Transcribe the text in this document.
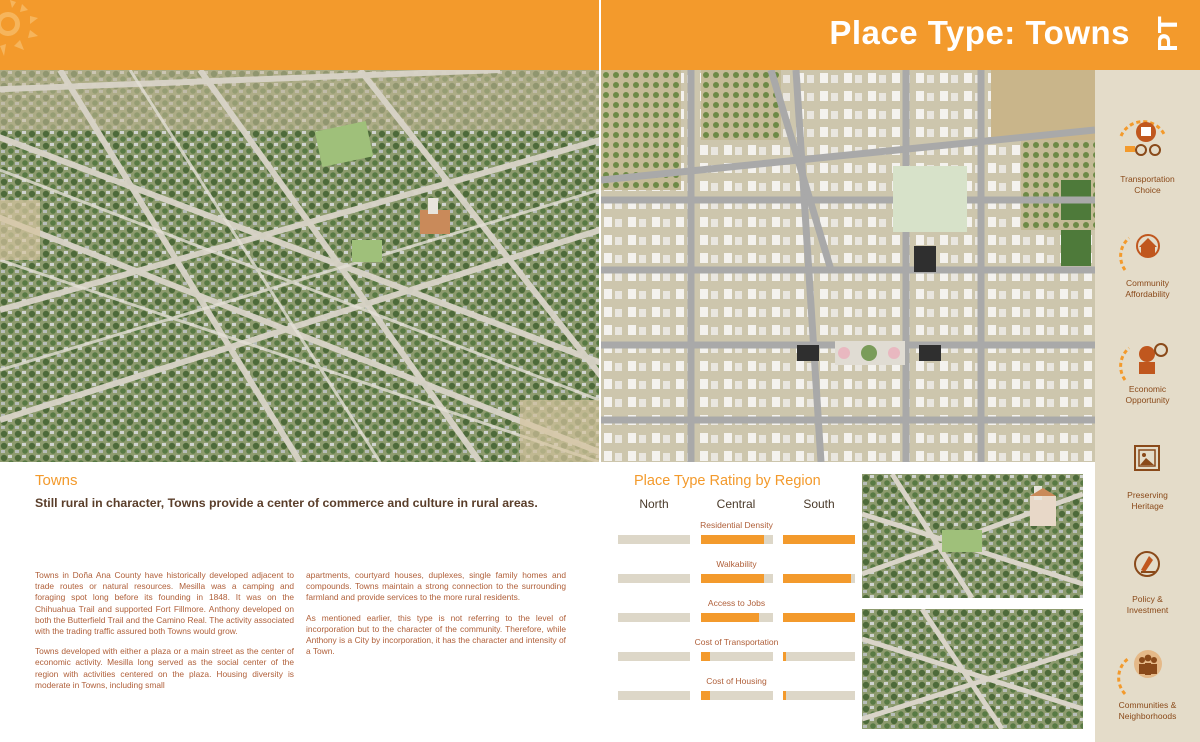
Place Type: Towns PT
Transportation
Choice
Community
Affordability
Economic
Opportunity
Preserving
Heritage
Policy &
Investment
Communities &
Neighborhoods
Towns
Still rural in character, Towns provide a center of commerce and culture in rural areas.

Towns in Doña Ana County have historically developed adjacent to trade routes or natural resources. Mesilla was a camping and foraging spot long before its founding in 1848. It was on the Chihuahua Trail and supported Fort Fillmore. Anthony developed on both the Butterfield Trail and the Camino Real. The activity associated with the trading traffic assured both Towns would grow.

Towns developed with either a plaza or a main street as the center of economic activity. Mesilla long served as the social center of the region with activities centered on the plaza. Housing diversity is moderate in Towns, including small

apartments, courtyard houses, duplexes, single family homes and compounds. Towns maintain a strong connection to the surrounding farmland and provide services to the more rural residents.

As mentioned earlier, this type is not referring to the level of incorporation but to the character of the community. Therefore, while Anthony is a City by incorporation, it has the character and intensity of a Town.

Place Type Rating by Region
North	Central	South
Residential Density
Walkability
Access to Jobs
Cost of Transportation
Cost of Housing
